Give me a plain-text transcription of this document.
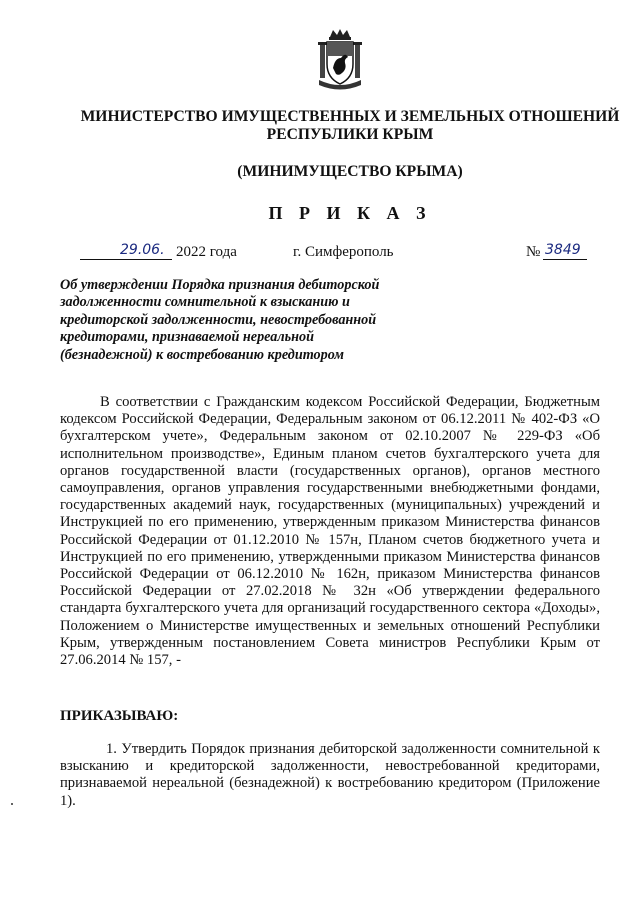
МИНИСТЕРСТВО ИМУЩЕСТВЕННЫХ И ЗЕМЕЛЬНЫХ ОТНОШЕНИЙ РЕСПУБЛИКИ КРЫМ
(МИНИМУЩЕСТВО КРЫМА)
П Р И К А З
29.06. 2022 года	г. Симферополь	№ 3849
Об утверждении Порядка признания дебиторской задолженности сомнительной к взысканию и кредиторской задолженности, невостребованной кредиторами, признаваемой нереальной (безнадежной) к востребованию кредитором
В соответствии с Гражданским кодексом Российской Федерации, Бюджетным кодексом Российской Федерации, Федеральным законом от 06.12.2011 № 402-ФЗ «О бухгалтерском учете», Федеральным законом от 02.10.2007 № 229-ФЗ «Об исполнительном производстве», Единым планом счетов бухгалтерского учета для органов государственной власти (государственных органов), органов местного самоуправления, органов управления государственными внебюджетными фондами, государственных академий наук, государственных (муниципальных) учреждений и Инструкцией по его применению, утвержденным приказом Министерства финансов Российской Федерации от 01.12.2010 № 157н, Планом счетов бюджетного учета и Инструкцией по его применению, утвержденными приказом Министерства финансов Российской Федерации от 06.12.2010 № 162н, приказом Министерства финансов Российской Федерации от 27.02.2018 № 32н «Об утверждении федерального стандарта бухгалтерского учета для организаций государственного сектора «Доходы», Положением о Министерстве имущественных и земельных отношений Республики Крым, утвержденным постановлением Совета министров Республики Крым от 27.06.2014 № 157, -
ПРИКАЗЫВАЮ:
1. Утвердить Порядок признания дебиторской задолженности сомнительной к взысканию и кредиторской задолженности, невостребованной кредиторами, признаваемой нереальной (безнадежной) к востребованию кредитором (Приложение 1).
